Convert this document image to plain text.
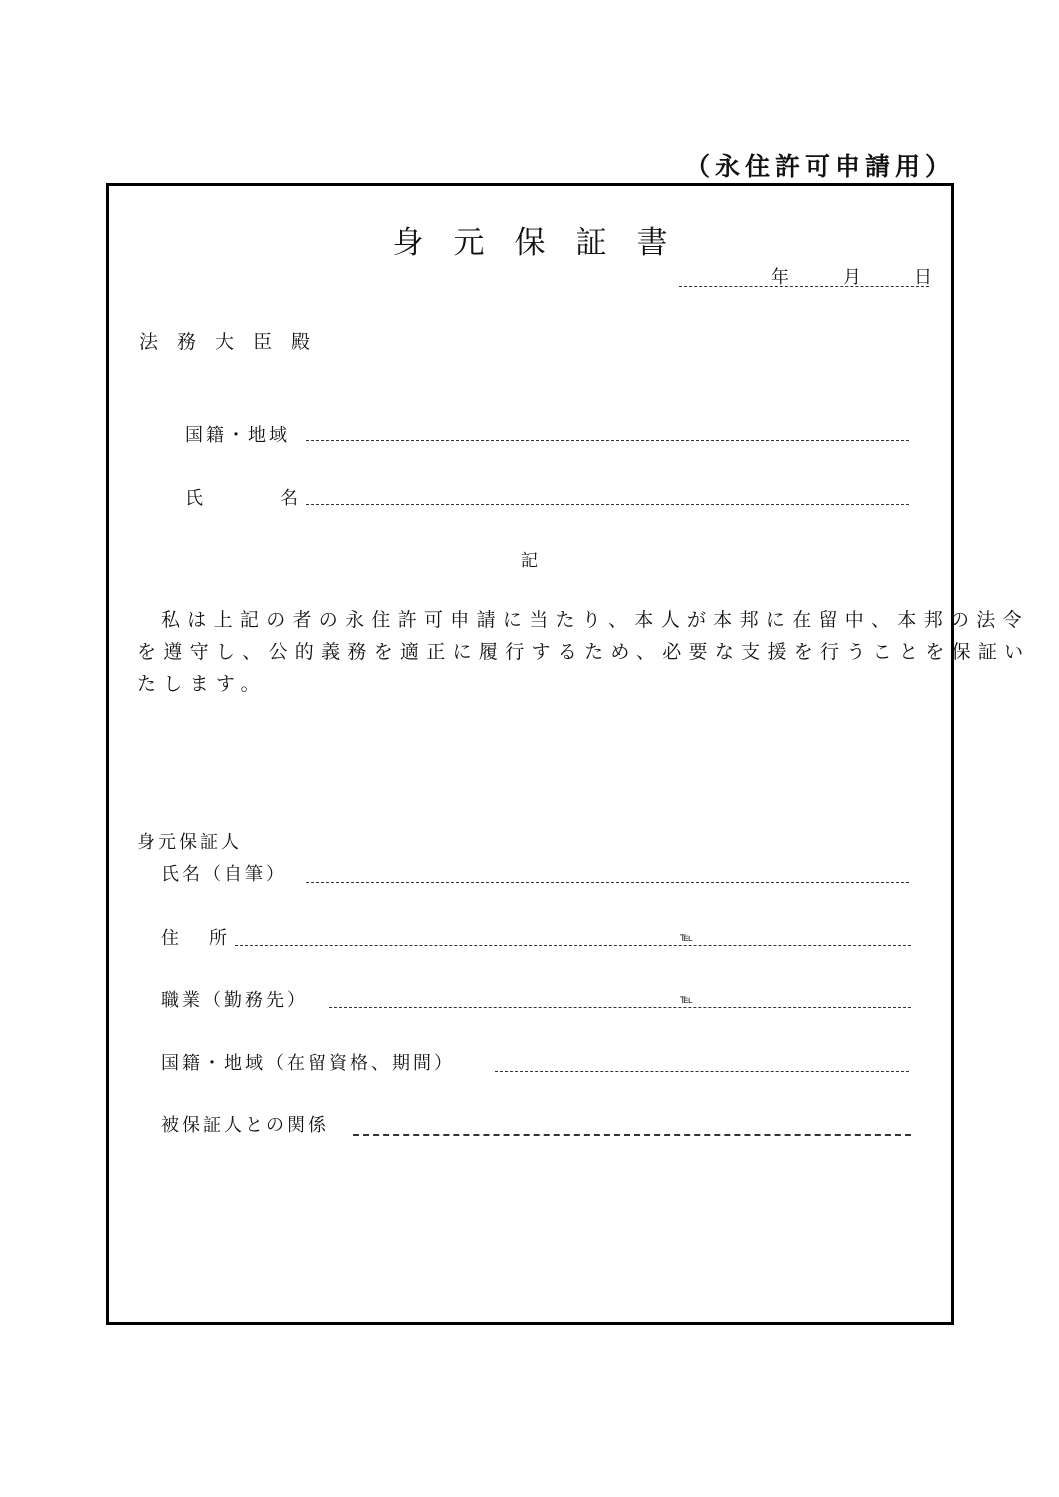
（永住許可申請用）
身元保証書
年	月	日
法務大臣殿
国籍・地域
氏	名
記
私は上記の者の永住許可申請に当たり、本人が本邦に在留中、本邦の法令
を遵守し、公的義務を適正に履行するため、必要な支援を行うことを保証い
たします。
身元保証人
氏名（自筆）
住 所	℡
職業（勤務先）	℡
国籍・地域（在留資格、期間）
被保証人との関係
